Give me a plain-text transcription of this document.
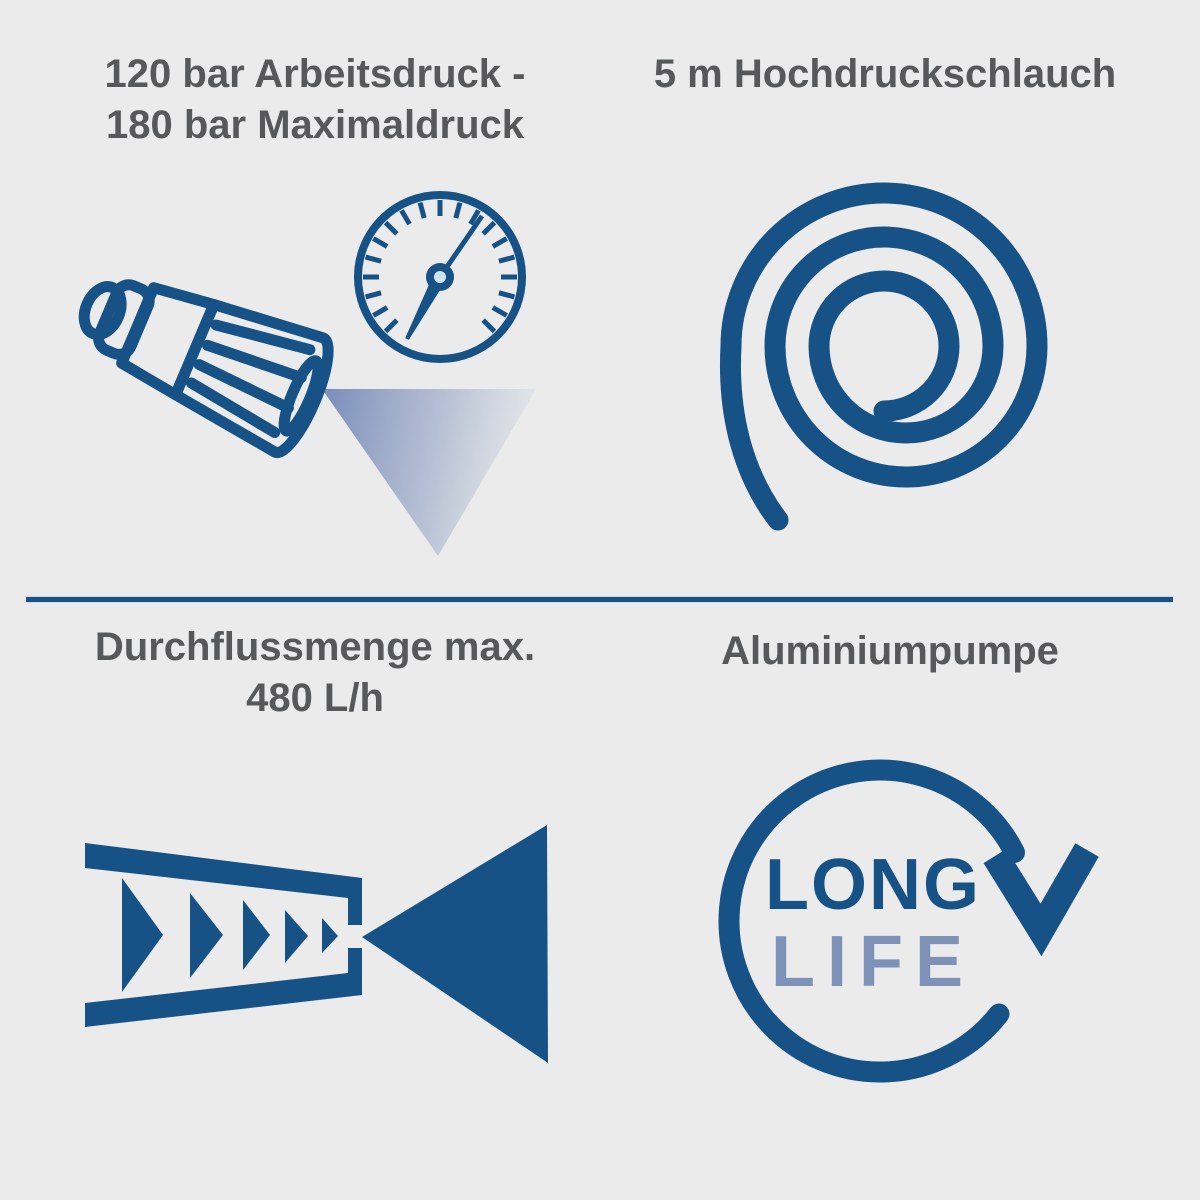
120 bar Arbeitsdruck -
180 bar Maximaldruck
5 m Hochdruckschlauch
Durchflussmenge max.
480 L/h
Aluminiumpumpe
LONG
LIFE
